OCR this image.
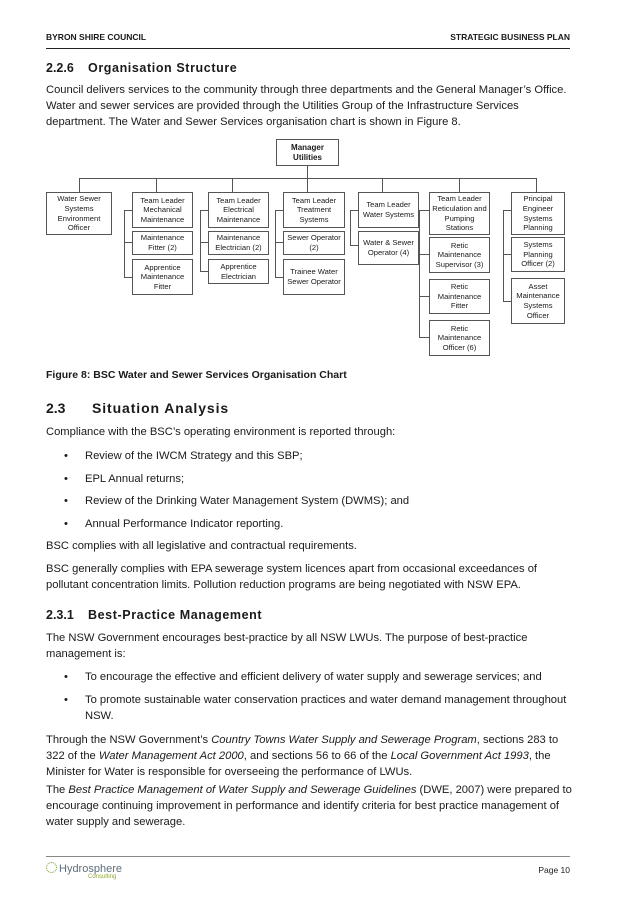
BYRON SHIRE COUNCIL	STRATEGIC BUSINESS PLAN
2.2.6 Organisation Structure
Council delivers services to the community through three departments and the General Manager’s Office. Water and sewer services are provided through the Utilities Group of the Infrastructure Services department. The Water and Sewer Services organisation chart is shown in Figure 8.
Manager Utilities
Water Sewer Systems Environment Officer
Team Leader Mechanical Maintenance
Maintenance Fitter (2)
Apprentice Maintenance Fitter
Team Leader Electrical Maintenance
Maintenance Electrician (2)
Apprentice Electrician
Team Leader Treatment Systems
Sewer Operator (2)
Trainee Water Sewer Operator
Team Leader Water Systems
Water & Sewer Operator (4)
Team Leader Reticulation and Pumping Stations
Retic Maintenance Supervisor (3)
Retic Maintenance Fitter
Retic Maintenance Officer (6)
Principal Engineer Systems Planning
Systems Planning Officer (2)
Asset Maintenance Systems Officer
Figure 8: BSC Water and Sewer Services Organisation Chart
2.3 Situation Analysis
Compliance with the BSC’s operating environment is reported through:
• Review of the IWCM Strategy and this SBP;
• EPL Annual returns;
• Review of the Drinking Water Management System (DWMS); and
• Annual Performance Indicator reporting.
BSC complies with all legislative and contractual requirements.
BSC generally complies with EPA sewerage system licences apart from occasional exceedances of pollutant concentration limits. Pollution reduction programs are being negotiated with NSW EPA.
2.3.1 Best-Practice Management
The NSW Government encourages best-practice by all NSW LWUs. The purpose of best-practice management is:
• To encourage the effective and efficient delivery of water supply and sewerage services; and
• To promote sustainable water conservation practices and water demand management throughout NSW.
Through the NSW Government’s Country Towns Water Supply and Sewerage Program, sections 283 to 322 of the Water Management Act 2000, and sections 56 to 66 of the Local Government Act 1993, the Minister for Water is responsible for overseeing the performance of LWUs.
The Best Practice Management of Water Supply and Sewerage Guidelines (DWE, 2007) were prepared to encourage continuing improvement in performance and identify criteria for best practice management of water supply and sewerage.
Hydrosphere
Consulting
Page 10
